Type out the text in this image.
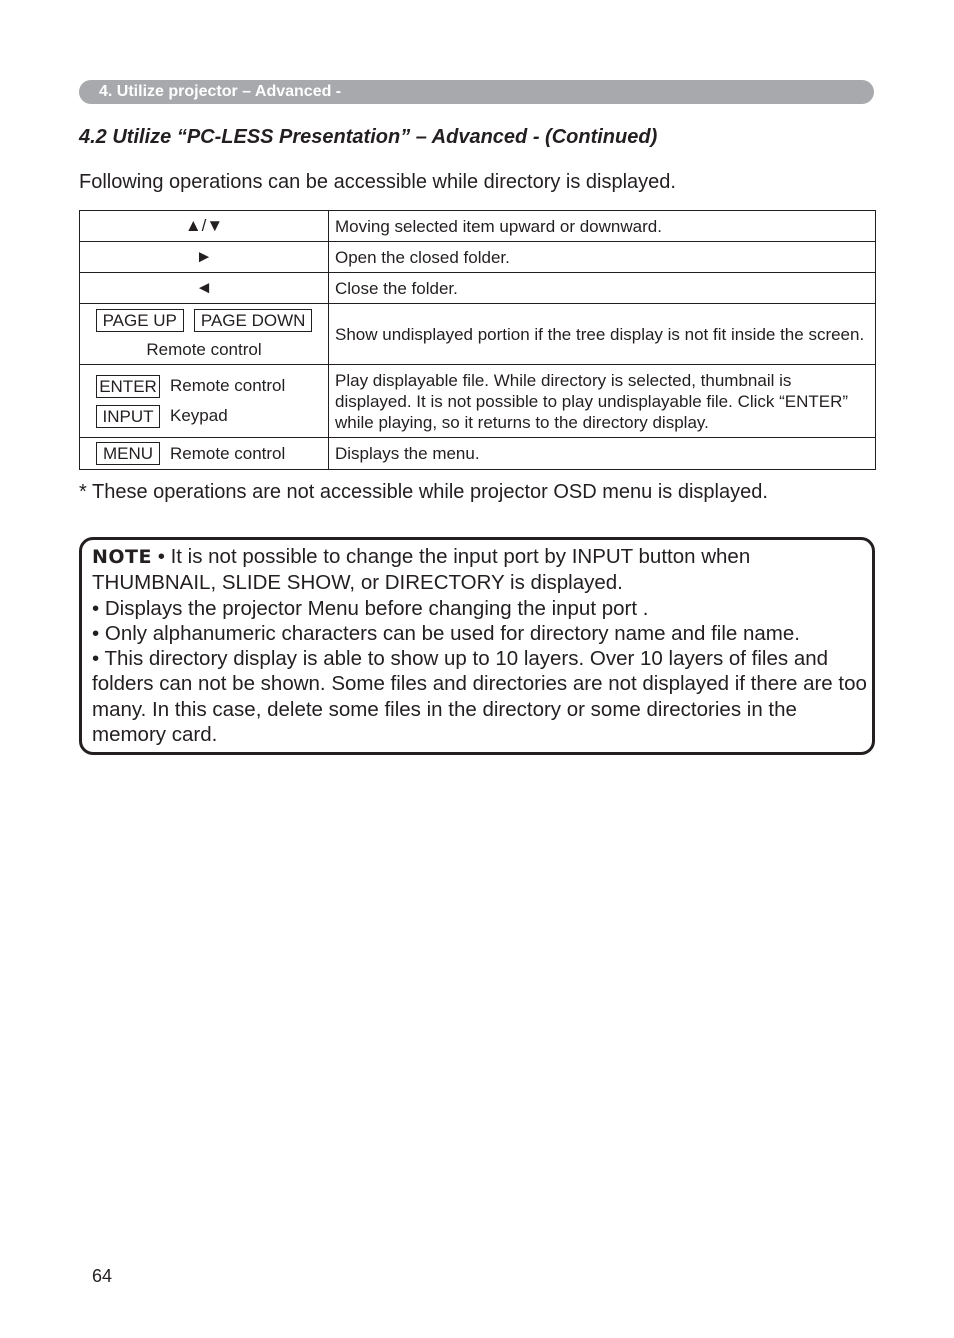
4. Utilize projector – Advanced -
4.2 Utilize “PC-LESS Presentation” – Advanced - (Continued)
Following operations can be accessible while directory is displayed.
▲/▼	Moving selected item upward or downward.
►	Open the closed folder.
◄	Close the folder.

PAGE UP PAGE DOWN
Remote control	Show undisplayed portion if the tree display is not fit inside the screen.

ENTER Remote control
INPUT Keypad	Play displayable file. While directory is selected, thumbnail is displayed. It is not possible to play undisplayable file. Click “ENTER” while playing, so it returns to the directory display.

MENU Remote control	Displays the menu.
* These operations are not accessible while projector OSD menu is displayed.
NOTE • It is not possible to change the input port by INPUT button when THUMBNAIL, SLIDE SHOW, or DIRECTORY is displayed.
• Displays the projector Menu before changing the input port .
• Only alphanumeric characters can be used for directory name and file name.
• This directory display is able to show up to 10 layers. Over 10 layers of files and folders can not be shown. Some files and directories are not displayed if there are too many. In this case, delete some files in the directory or some directories in the memory card.
64
